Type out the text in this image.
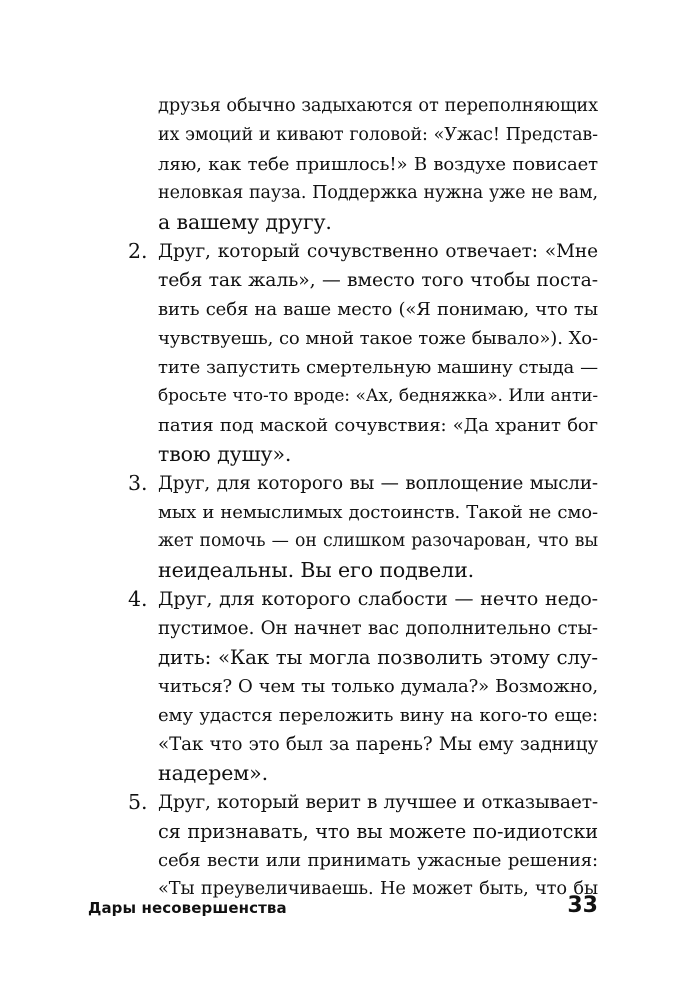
друзья обычно задыхаются от переполняющих
их эмоций и кивают головой: «Ужас! Представ-
ляю, как тебе пришлось!» В воздухе повисает
неловкая пауза. Поддержка нужна уже не вам,
а вашему другу.
2. Друг, который сочувственно отвечает: «Мне
тебя так жаль», — вместо того чтобы поста-
вить себя на ваше место («Я понимаю, что ты
чувствуешь, со мной такое тоже бывало»). Хо-
тите запустить смертельную машину стыда —
бросьте что-то вроде: «Ах, бедняжка». Или анти-
патия под маской сочувствия: «Да хранит бог
твою душу».
3. Друг, для которого вы — воплощение мысли-
мых и немыслимых достоинств. Такой не смо-
жет помочь — он слишком разочарован, что вы
неидеальны. Вы его подвели.
4. Друг, для которого слабости — нечто недо-
пустимое. Он начнет вас дополнительно сты-
дить: «Как ты могла позволить этому слу-
читься? О чем ты только думала?» Возможно,
ему удастся переложить вину на кого-то еще:
«Так что это был за парень? Мы ему задницу
надерем».
5. Друг, который верит в лучшее и отказывает-
ся признавать, что вы можете по-идиотски
себя вести или принимать ужасные решения:
«Ты преувеличиваешь. Не может быть, что бы
Дары несовершенства	33
